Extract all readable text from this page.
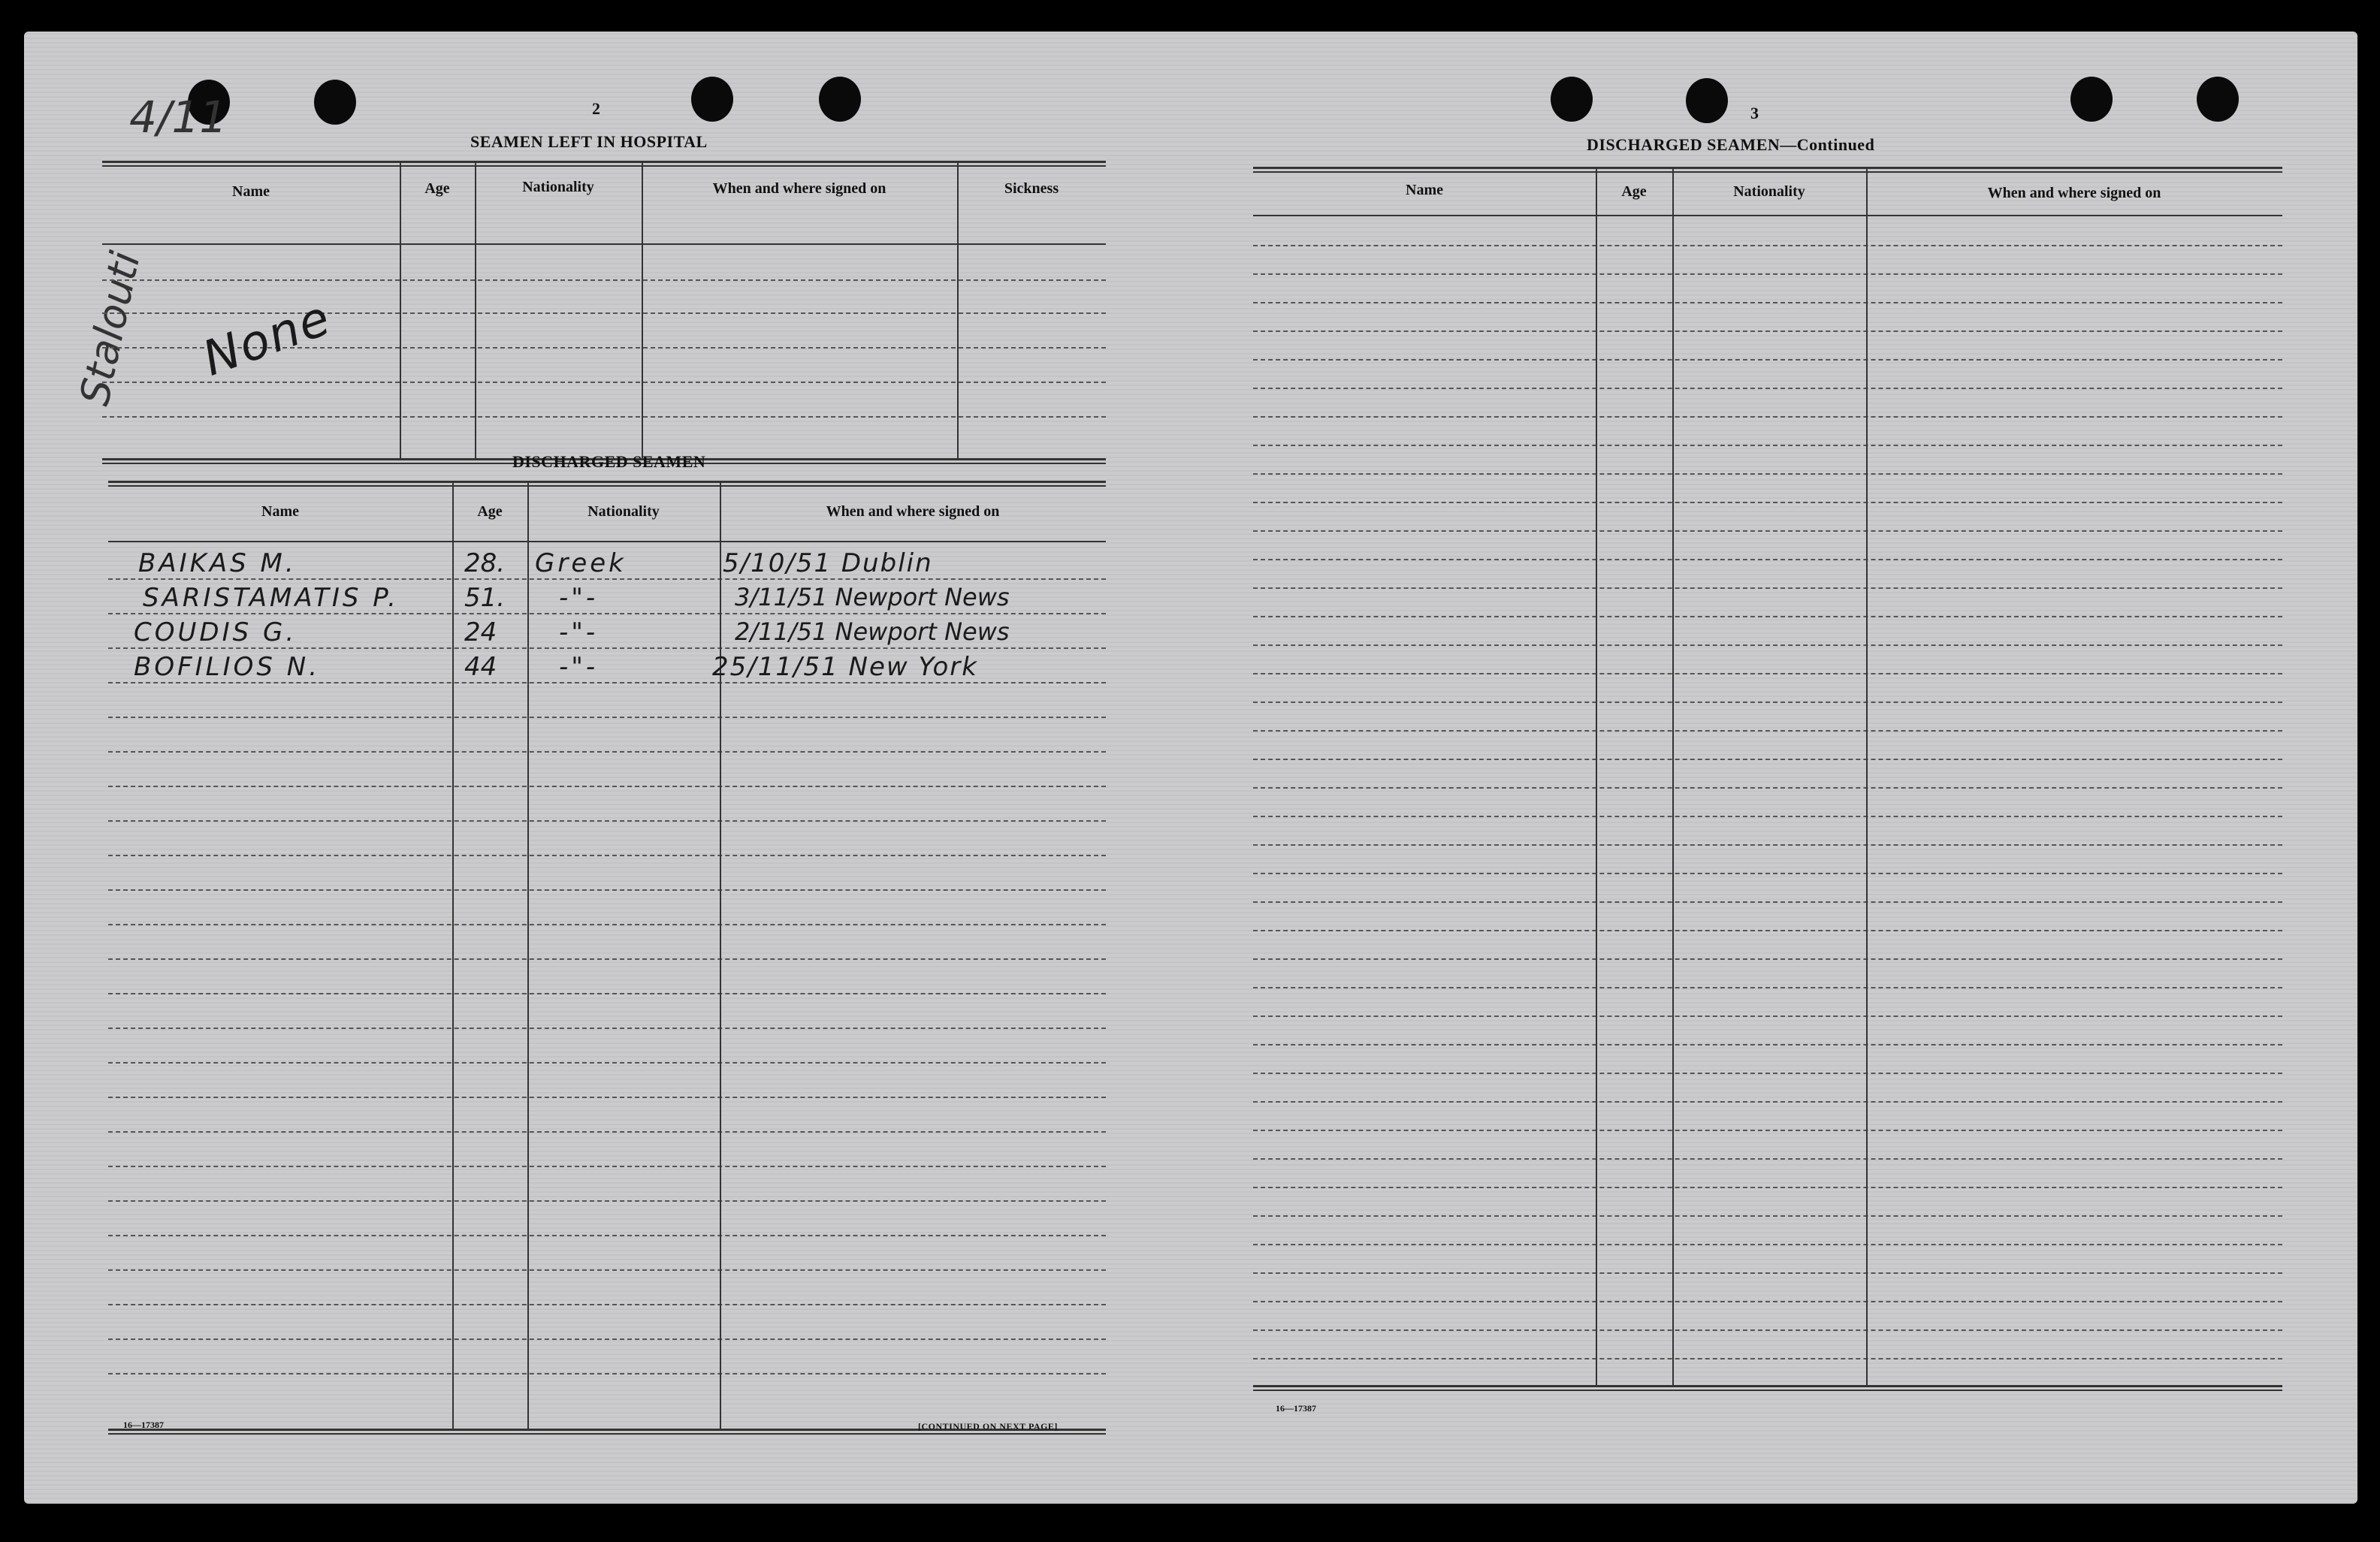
4/11
Stalouti
2
SEAMEN LEFT IN HOSPITAL
Name	Age	Nationality	When and where signed on	Sickness
None
DISCHARGED SEAMEN
Name	Age	Nationality	When and where signed on
BAIKAS M.	28. Greek	5/10/51 Dublin
SARISTAMATIS P.	51. -"-	3/11/51 Newport News
COUDIS G.	24 -"-	2/11/51 Newport News
BOFILIOS N.	44 -"-	25/11/51 New York
16—17387	[CONTINUED ON NEXT PAGE]
3
DISCHARGED SEAMEN—Continued
Name	Age	Nationality	When and where signed on
16—17387
